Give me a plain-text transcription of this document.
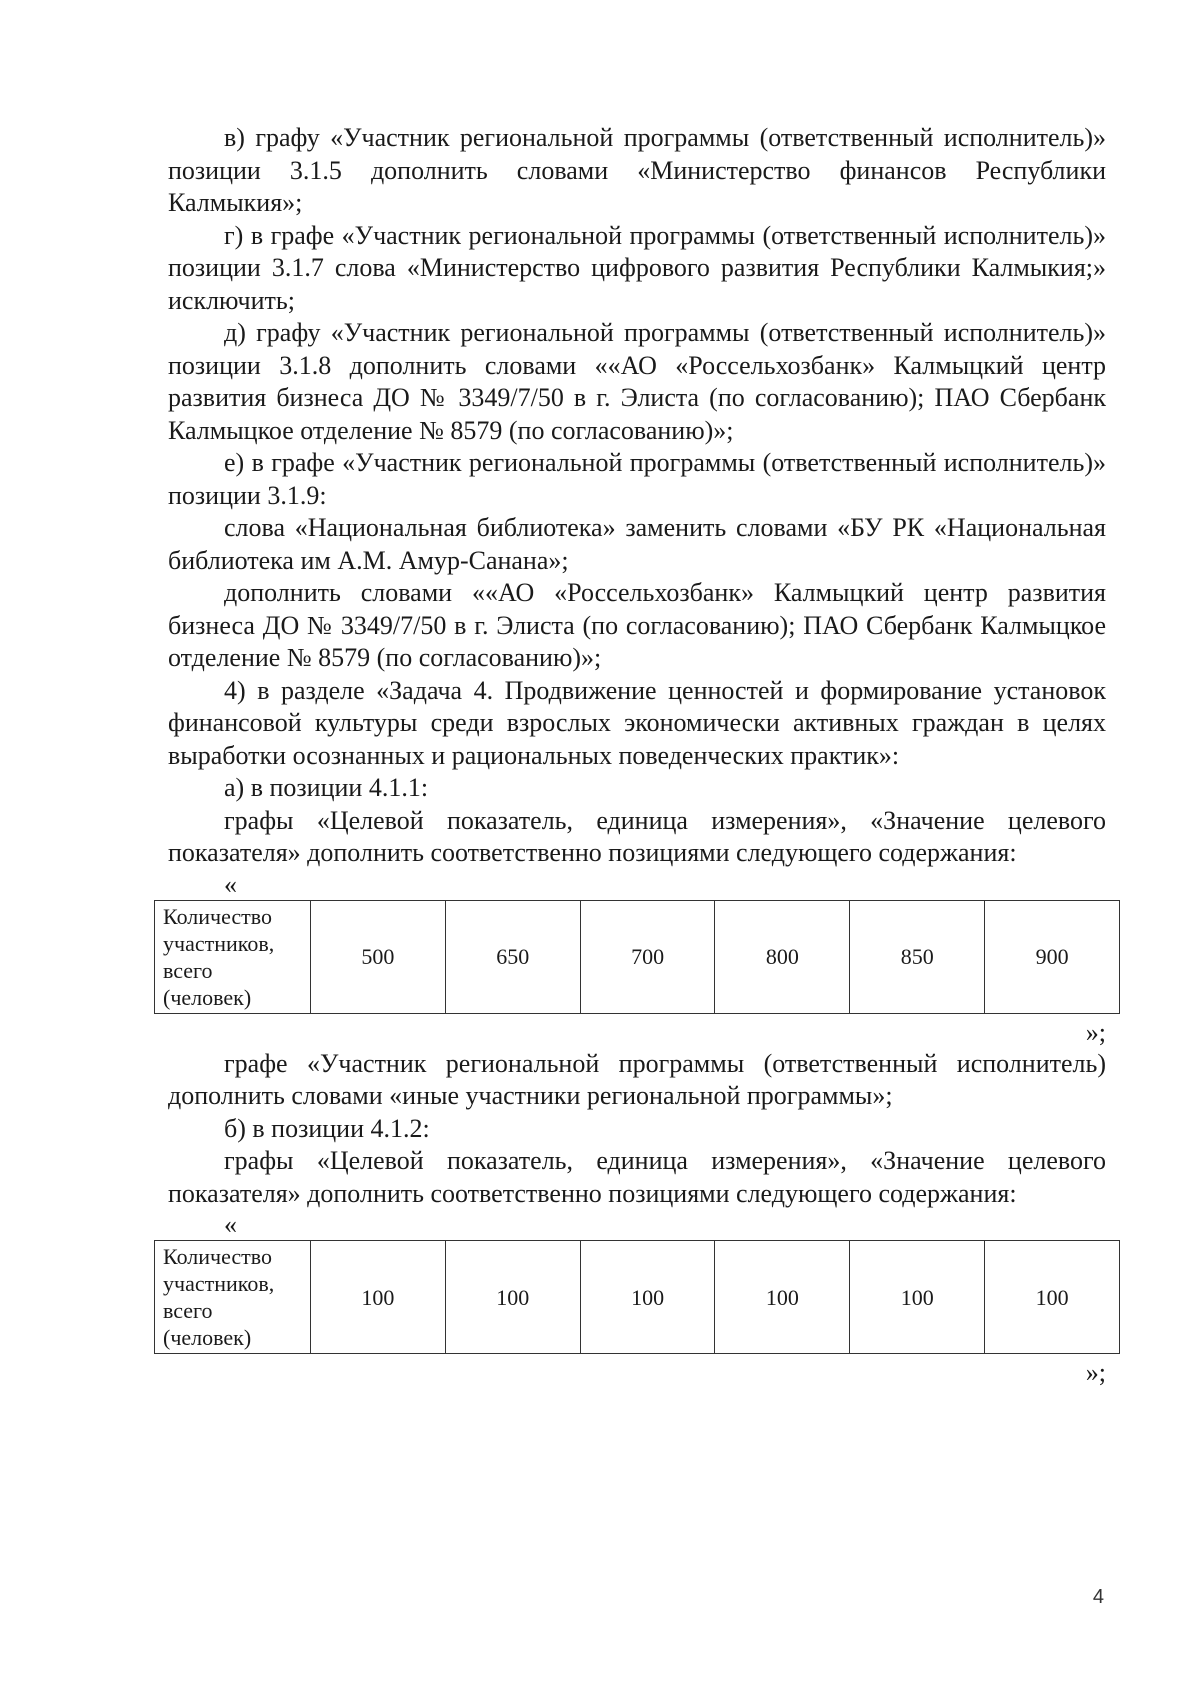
в) графу «Участник региональной программы (ответственный исполнитель)» позиции 3.1.5 дополнить словами «Министерство финансов Республики Калмыкия»;

г) в графе «Участник региональной программы (ответственный исполнитель)» позиции 3.1.7 слова «Министерство цифрового развития Республики Калмыкия;» исключить;

д) графу «Участник региональной программы (ответственный исполнитель)» позиции 3.1.8 дополнить словами ««АО «Россельхозбанк» Калмыцкий центр развития бизнеса ДО № 3349/7/50 в г. Элиста (по согласованию); ПАО Сбербанк Калмыцкое отделение № 8579 (по согласованию)»;

е) в графе «Участник региональной программы (ответственный исполнитель)» позиции 3.1.9:

слова «Национальная библиотека» заменить словами «БУ РК «Национальная библиотека им А.М. Амур-Санана»;

дополнить словами ««АО «Россельхозбанк» Калмыцкий центр развития бизнеса ДО № 3349/7/50 в г. Элиста (по согласованию); ПАО Сбербанк Калмыцкое отделение № 8579 (по согласованию)»;

4) в разделе «Задача 4. Продвижение ценностей и формирование установок финансовой культуры среди взрослых экономически активных граждан в целях выработки осознанных и рациональных поведенческих практик»:

а) в позиции 4.1.1:

графы «Целевой показатель, единица измерения», «Значение целевого показателя» дополнить соответственно позициями следующего содержания:

«
Количество участников, всего (человек)	500	650	700	800	850	900
»;

графе «Участник региональной программы (ответственный исполнитель) дополнить словами «иные участники региональной программы»;

б) в позиции 4.1.2:

графы «Целевой показатель, единица измерения», «Значение целевого показателя» дополнить соответственно позициями следующего содержания:

«
Количество участников, всего (человек)	100	100	100	100	100	100
»;
4
